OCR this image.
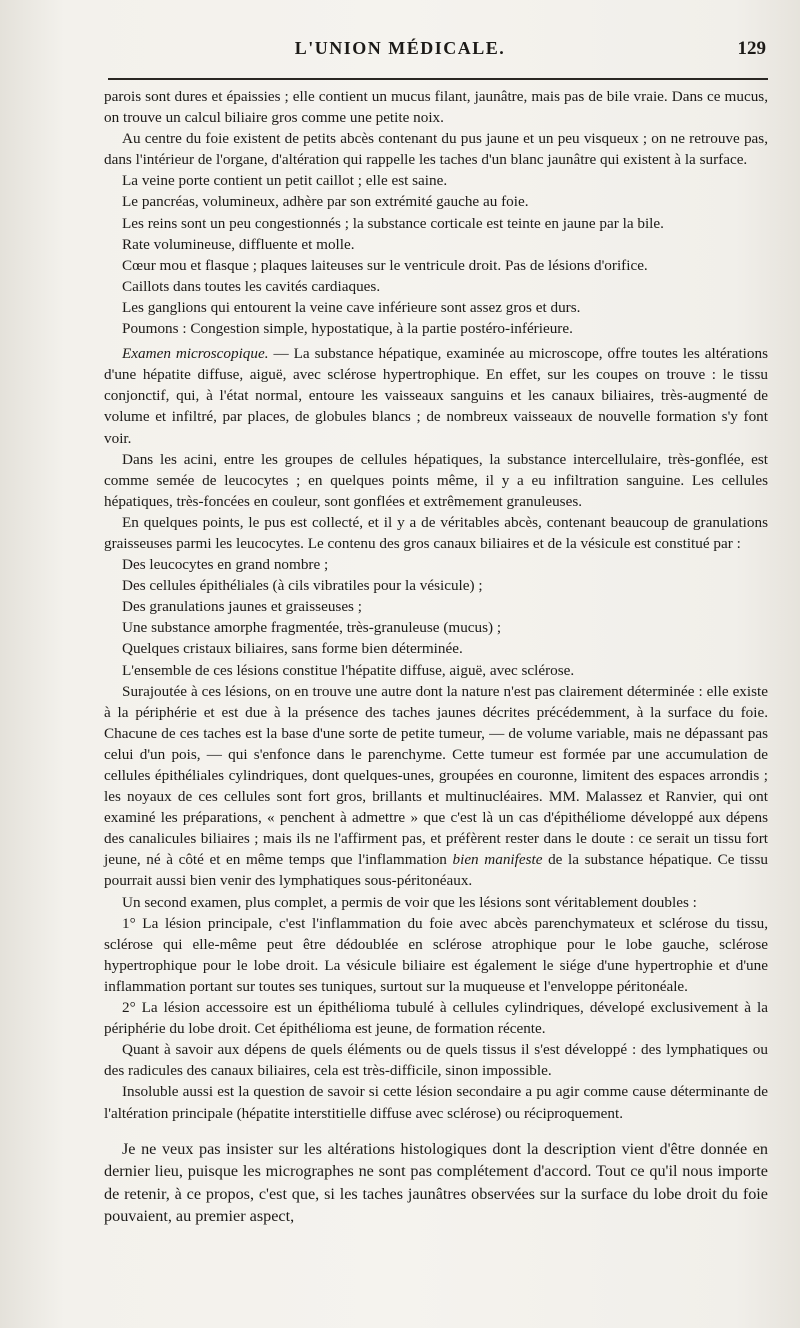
L'UNION MÉDICALE.	129

parois sont dures et épaissies ; elle contient un mucus filant, jaunâtre, mais pas de bile vraie. Dans ce mucus, on trouve un calcul biliaire gros comme une petite noix.

Au centre du foie existent de petits abcès contenant du pus jaune et un peu visqueux ; on ne retrouve pas, dans l'intérieur de l'organe, d'altération qui rappelle les taches d'un blanc jaunâtre qui existent à la surface.

La veine porte contient un petit caillot ; elle est saine.

Le pancréas, volumineux, adhère par son extrémité gauche au foie.

Les reins sont un peu congestionnés ; la substance corticale est teinte en jaune par la bile.

Rate volumineuse, diffluente et molle.

Cœur mou et flasque ; plaques laiteuses sur le ventricule droit. Pas de lésions d'orifice.

Caillots dans toutes les cavités cardiaques.

Les ganglions qui entourent la veine cave inférieure sont assez gros et durs.

Poumons : Congestion simple, hypostatique, à la partie postéro-inférieure.

Examen microscopique. — La substance hépatique, examinée au microscope, offre toutes les altérations d'une hépatite diffuse, aiguë, avec sclérose hypertrophique. En effet, sur les coupes on trouve : le tissu conjonctif, qui, à l'état normal, entoure les vaisseaux sanguins et les canaux biliaires, très-augmenté de volume et infiltré, par places, de globules blancs ; de nombreux vaisseaux de nouvelle formation s'y font voir.

Dans les acini, entre les groupes de cellules hépatiques, la substance intercellulaire, très-gonflée, est comme semée de leucocytes ; en quelques points même, il y a eu infiltration sanguine. Les cellules hépatiques, très-foncées en couleur, sont gonflées et extrêmement granuleuses.

En quelques points, le pus est collecté, et il y a de véritables abcès, contenant beaucoup de granulations graisseuses parmi les leucocytes. Le contenu des gros canaux biliaires et de la vésicule est constitué par :

Des leucocytes en grand nombre ;

Des cellules épithéliales (à cils vibratiles pour la vésicule) ;

Des granulations jaunes et graisseuses ;

Une substance amorphe fragmentée, très-granuleuse (mucus) ;

Quelques cristaux biliaires, sans forme bien déterminée.

L'ensemble de ces lésions constitue l'hépatite diffuse, aiguë, avec sclérose.

Surajoutée à ces lésions, on en trouve une autre dont la nature n'est pas clairement déterminée : elle existe à la périphérie et est due à la présence des taches jaunes décrites précédemment, à la surface du foie. Chacune de ces taches est la base d'une sorte de petite tumeur, — de volume variable, mais ne dépassant pas celui d'un pois, — qui s'enfonce dans le parenchyme. Cette tumeur est formée par une accumulation de cellules épithéliales cylindriques, dont quelques-unes, groupées en couronne, limitent des espaces arrondis ; les noyaux de ces cellules sont fort gros, brillants et multinucléaires. MM. Malassez et Ranvier, qui ont examiné les préparations, « penchent à admettre » que c'est là un cas d'épithéliome développé aux dépens des canalicules biliaires ; mais ils ne l'affirment pas, et préfèrent rester dans le doute : ce serait un tissu fort jeune, né à côté et en même temps que l'inflammation bien manifeste de la substance hépatique. Ce tissu pourrait aussi bien venir des lymphatiques sous-péritonéaux.

Un second examen, plus complet, a permis de voir que les lésions sont véritablement doubles :

1° La lésion principale, c'est l'inflammation du foie avec abcès parenchymateux et sclérose du tissu, sclérose qui elle-même peut être dédoublée en sclérose atrophique pour le lobe gauche, sclérose hypertrophique pour le lobe droit. La vésicule biliaire est également le siége d'une hypertrophie et d'une inflammation portant sur toutes ses tuniques, surtout sur la muqueuse et l'enveloppe péritonéale.

2° La lésion accessoire est un épithélioma tubulé à cellules cylindriques, dévelopé exclusivement à la périphérie du lobe droit. Cet épithélioma est jeune, de formation récente.

Quant à savoir aux dépens de quels éléments ou de quels tissus il s'est développé : des lymphatiques ou des radicules des canaux biliaires, cela est très-difficile, sinon impossible.

Insoluble aussi est la question de savoir si cette lésion secondaire a pu agir comme cause déterminante de l'altération principale (hépatite interstitielle diffuse avec sclérose) ou réciproquement.

Je ne veux pas insister sur les altérations histologiques dont la description vient d'être donnée en dernier lieu, puisque les micrographes ne sont pas complétement d'accord. Tout ce qu'il nous importe de retenir, à ce propos, c'est que, si les taches jaunâtres observées sur la surface du lobe droit du foie pouvaient, au premier aspect,
